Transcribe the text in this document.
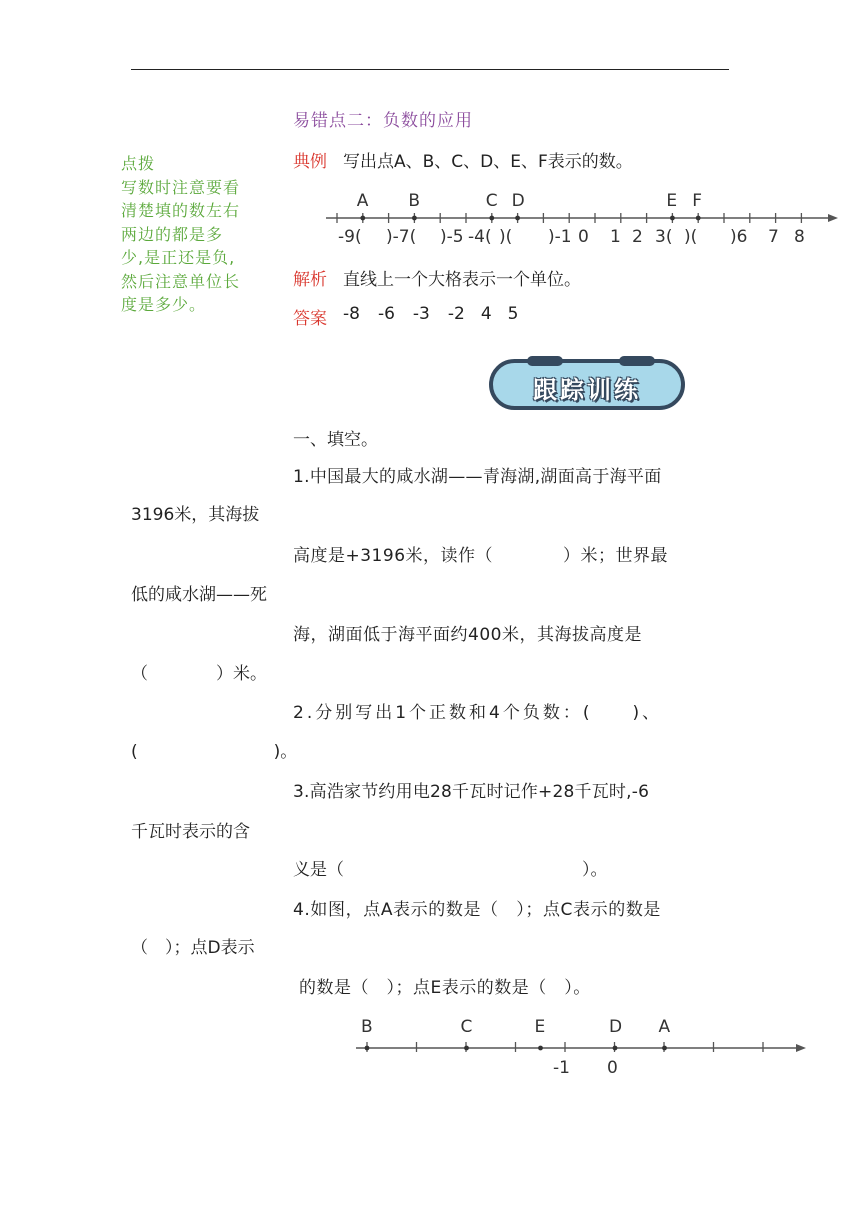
点拨
写数时注意要看
清楚填的数左右
两边的都是多
少,是正还是负,
然后注意单位长
度是多少。
易错点二：负数的应用
典例 写出点A、B、C、D、E、F表示的数。
A B	C D	E F
-9( )-7( )-5 -4( )( )-1 0 1 2 3( )( )6 7 8
解析 直线上一个大格表示一个单位。
答案 -8 -6 -3 -2 4 5
跟踪训练
一、填空。
1.中国最大的咸水湖——青海湖,湖面高于海平面
3196米，其海拔
高度是+3196米，读作（　　　　）米；世界最
低的咸水湖——死
海，湖面低于海平面约400米，其海拔高度是
（　　　　）米。
2.分别写出1个正数和4个负数：(　　)、
(　　　　　　　　)。
3.高浩家节约用电28千瓦时记作+28千瓦时,-6
千瓦时表示的含
义是（　　　　　　　　　　　　　　）。
4.如图，点A表示的数是（　）；点C表示的数是
（　）；点D表示
的数是（　）；点E表示的数是（　）。
B	C	E	D A
-1 0
